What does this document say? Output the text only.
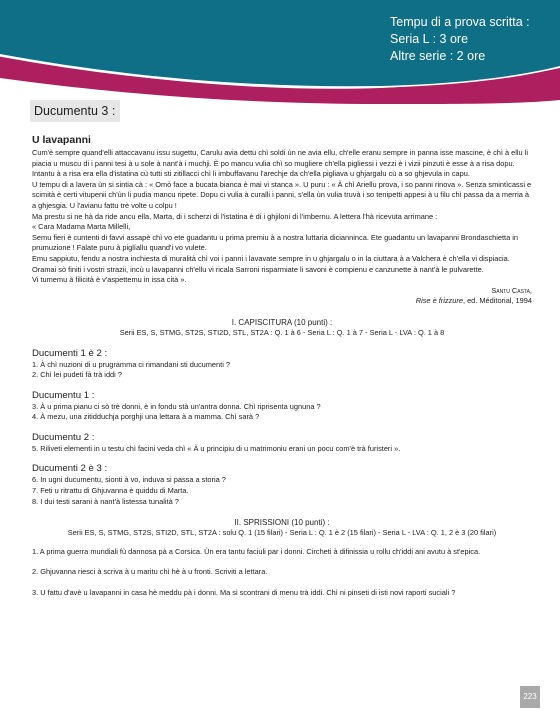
Tempu di a prova scritta :
Seria L : 3 ore
Altre serie : 2 ore
Ducumentu 3 :
U lavapanni

Cum'è sempre quand'elli attaccavanu issu sugettu, Carulu avia dettu chì soldi ùn ne avia ellu, ch'elle eranu sempre in panna isse mascine, è chì à ellu li piacia u muscu di i panni tesi à u sole à nant'à i muchji. È po mancu vulia chì so mugliere ch'ella pigliessi i vezzi è i vizii pinzuti è esse à a risa dopu.

Intantu à a risa era ella d'istatina cù tutti sti zitillacci chì li imbuffavanu l'arechje da ch'ella pigliava u ghjargalu cù a so ghjevula in capu.

U tempu di a lavera ùn si sintia cà : « Omò face a bucata bianca è mai vi stanca ». U puru : « À chì Ariellu prova, i so panni rinova ». Senza smintìcassi e scimità è certi vitupenii ch'ùn li pudia mancu ripete. Dopu ci vulia à curalli i panni, s'ella ùn vulia truvà i so tenipetti appesi à u filu chì passa da a merria à a ghjesgia. U l'avianu fattu trè volte u colpu !

Ma prestu si ne hà da ride ancu ella, Marta, di i scherzi di l'istatina è di i ghjiloni di l'imbernu. A lettera l'hà ricevuta arrimane :

« Cara Madama Marta Millelli,

Semu fieri è cuntenti di favvi assapè chì vo ete guadantu u prima premiu à a nostra luttaria dicianninca. Ete guadantu un lavapanni Brondaschietta in prumuzione ! Falate puru à piglíallu quand'i vo vulete.

Emu sappiutu, fendu a nostra inchiesta di muralità chì voi i panni i lavavate sempre in u ghjargalu o in la ciuttara à a Valchera è ch'ella vi dispiacia. Oramai sò finiti i vostri strazii, incù u lavapanni ch'ellu vi ricala Sarroni risparmiate li savoni è compienu e canzunette à nant'à le pulvarette.

Vi tumemu à filicità è v'aspettemu in issa cità ».

Santu Casta,
Rise è frizzure, ed. Méditorial, 1994
I. CAPISCITURA (10 punti) :
Serii ES, S, STMG, ST2S, STI2D, STL, ST2A : Q. 1 à 6 - Seria L : Q. 1 à 7 - Seria L - LVA : Q. 1 à 8
Ducumenti 1 è 2 :

1. À chì nuzioni di u prugramma ci rimandani sti ducumenti ?

2. Chì lei pudeti fà trà iddi ?

Ducumentu 1 :

3. À u prima pianu ci sò trè donni, è in fondu stà un'antra donna. Chì riprisenta ugnuna ?

4. À mezu, una zitidduchja porghji una lettara à a mamma. Chì sarà ?

Ducumentu 2 :

5. Riliveti elementi in u testu chì facini veda chì « À u principiu di u matrimoniu erani un pocu com'è trà furisteri ».

Ducumenti 2 è 3 :

6. In ugni ducumentu, sionti à vo, induva si passa a storia ?

7. Feti u ritrattu di Ghjuvanna è quiddu di Marta.

8. I dui testi sarani à nant'à listessa tunalità ?

II. SPRISSIONI (10 punti) :
Serii ES, S, STMG, ST2S, STI2D, STL, ST2A : solu Q. 1 (15 filari) - Seria L : Q. 1 è 2 (15 filari) - Seria L - LVA : Q. 1, 2 è 3 (20 filari)

1. A prima guerra mundiali fù dannosa pà a Corsica. Ùn era tantu faciuli par i donni. Circheti à difinissia u rollu ch'iddi ani avutu à st'epica.

2. Ghjuvanna riesci à scriva à u maritu chì hè à u fronti. Scriviti a lettara.

3. U fattu d'avè u lavapanni in casa hè meddu pà i donni. Ma si scontrani di menu trà iddi. Chì ni pinseti di isti novi raporti suciali ?

223
